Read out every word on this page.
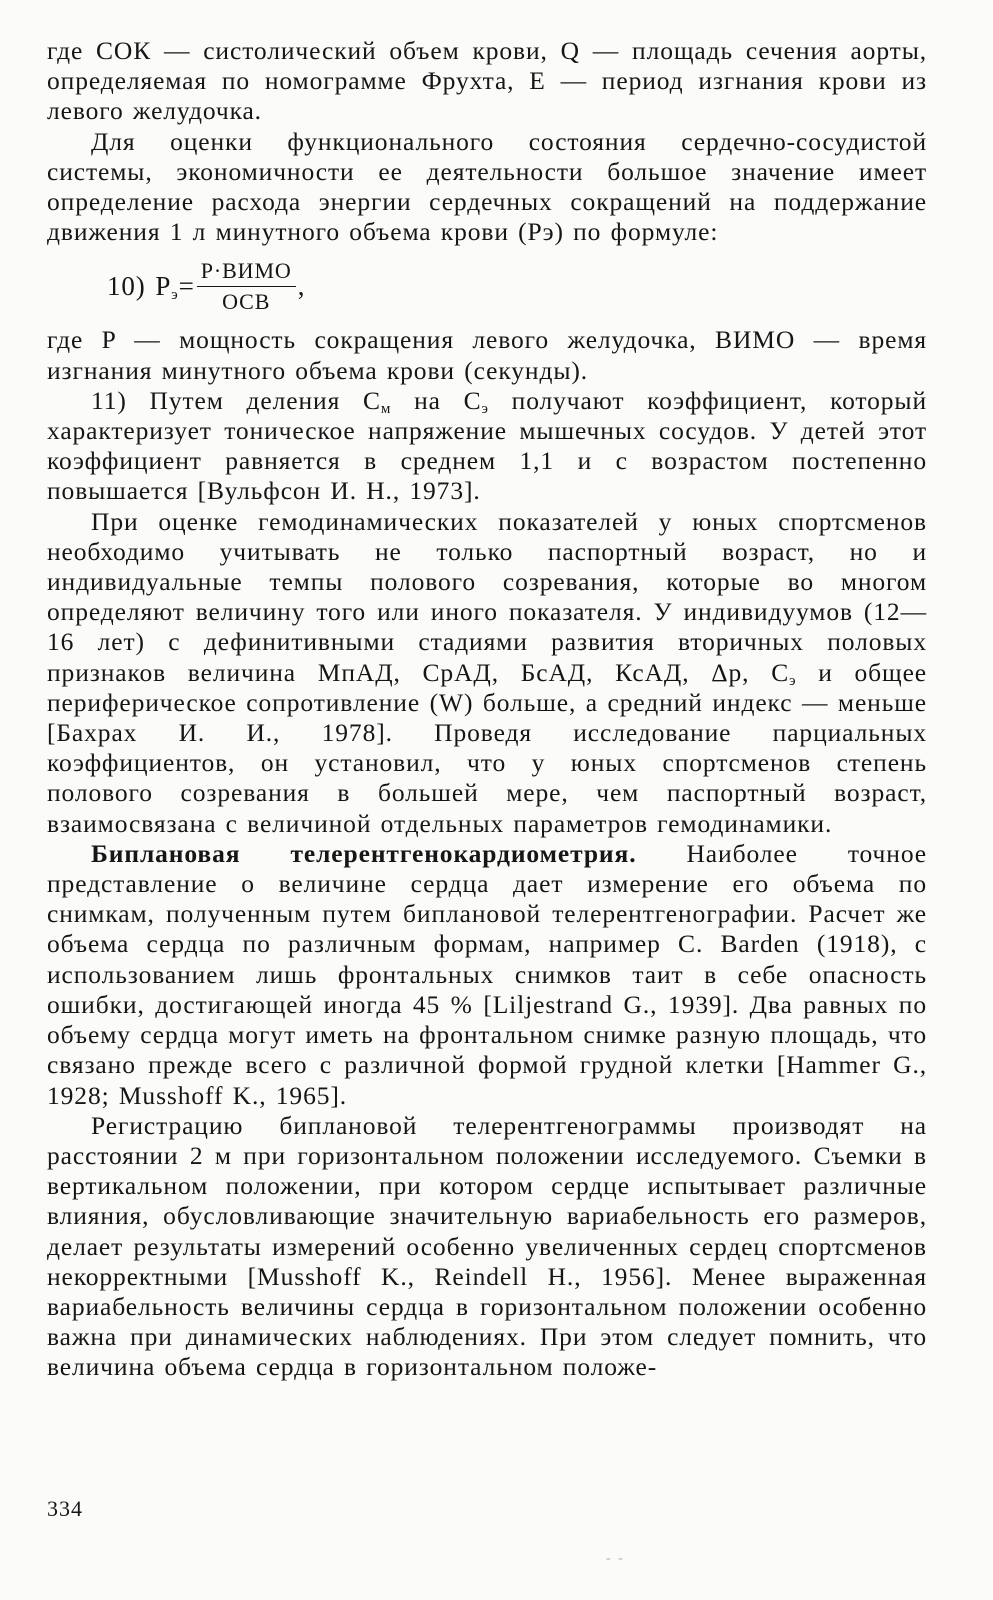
где СОК — систолический объем крови, Q — площадь сечения аорты, определяемая по номограмме Фрухта, Е — период изгнания крови из левого желудочка.

Для оценки функционального состояния сердечно-сосудистой системы, экономичности ее деятельности большое значение имеет определение расхода энергии сердечных сокращений на поддержание движения 1 л минутного объема крови (Pэ) по формуле:

10) $P_э = \frac{\text{P·ВИМО}}{\text{ОСВ}}$ ,

где P — мощность сокращения левого желудочка, ВИМО — время изгнания минутного объема крови (секунды).

11) Путем деления $C_м$ на $C_э$ получают коэффициент, который характеризует тоническое напряжение мышечных сосудов. У детей этот коэффициент равняется в среднем 1,1 и с возрастом постепенно повышается [Вульфсон И. Н., 1973].

При оценке гемодинамических показателей у юных спортсменов необходимо учитывать не только паспортный возраст, но и индивидуальные темпы полового созревания, которые во многом определяют величину того или иного показателя. У индивидуумов (12—16 лет) с дефинитивными стадиями развития вторичных половых признаков величина МпАД, СрАД, БсАД, КсАД, Δр, $C_э$ и общее периферическое сопротивление (W) больше, а средний индекс — меньше [Бахрах И. И., 1978]. Проведя исследование парциальных коэффициентов, он установил, что у юных спортсменов степень полового созревания в большей мере, чем паспортный возраст, взаимосвязана с величиной отдельных параметров гемодинамики.

Биплановая телерентгенокардиометрия. Наиболее точное представление о величине сердца дает измерение его объема по снимкам, полученным путем биплановой телерентгенографии. Расчет же объема сердца по различным формам, например C. Barden (1918), с использованием лишь фронтальных снимков таит в себе опасность ошибки, достигающей иногда 45 % [Liljestrand G., 1939]. Два равных по объему сердца могут иметь на фронтальном снимке разную площадь, что связано прежде всего с различной формой грудной клетки [Hammer G., 1928; Musshoff K., 1965].

Регистрацию биплановой телерентгенограммы производят на расстоянии 2 м при горизонтальном положении исследуемого. Съемки в вертикальном положении, при котором сердце испытывает различные влияния, обусловливающие значительную вариабельность его размеров, делает результаты измерений особенно увеличенных сердец спортсменов некорректными [Musshoff K., Reindell H., 1956]. Менее выраженная вариабельность величины сердца в горизонтальном положении особенно важна при динамических наблюдениях. При этом следует помнить, что величина объема сердца в горизонтальном положе-

334
- -
